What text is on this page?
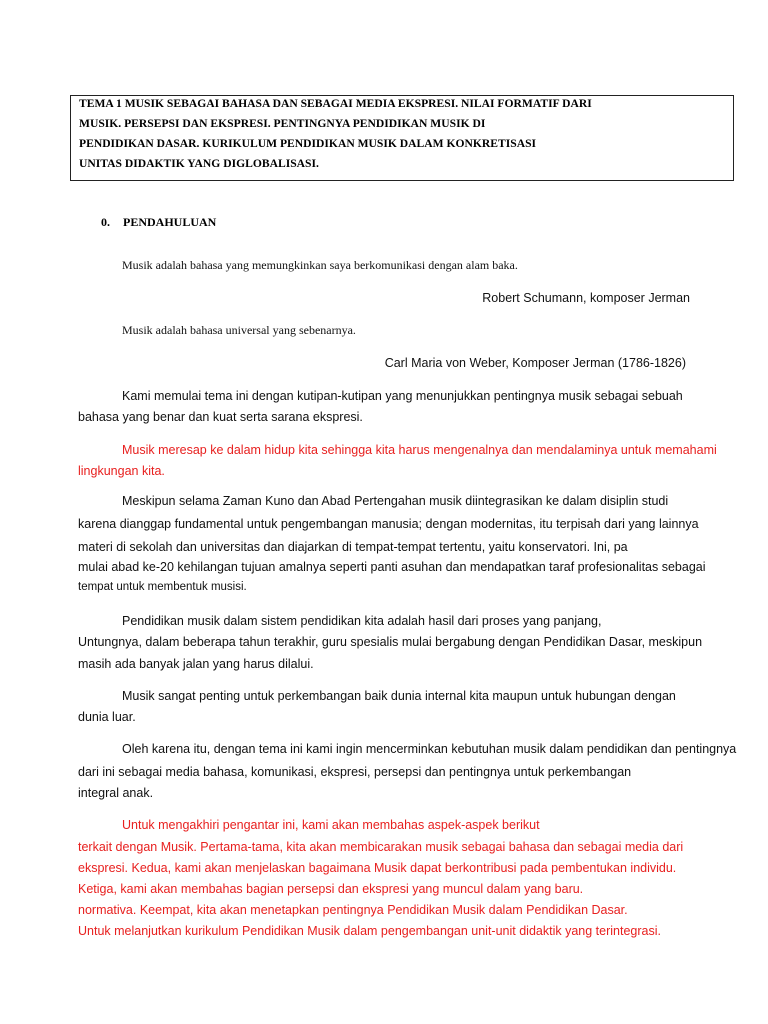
TEMA 1 MUSIK SEBAGAI BAHASA DAN SEBAGAI MEDIA EKSPRESI. NILAI FORMATIF DARI
MUSIK. PERSEPSI DAN EKSPRESI. PENTINGNYA PENDIDIKAN MUSIK DI
PENDIDIKAN DASAR. KURIKULUM PENDIDIKAN MUSIK DALAM KONKRETISASI
UNITAS DIDAKTIK YANG DIGLOBALISASI.
0. PENDAHULUAN
Musik adalah bahasa yang memungkinkan saya berkomunikasi dengan alam baka.
Robert Schumann, komposer Jerman
Musik adalah bahasa universal yang sebenarnya.
Carl Maria von Weber, Komposer Jerman (1786-1826)
Kami memulai tema ini dengan kutipan-kutipan yang menunjukkan pentingnya musik sebagai sebuah
bahasa yang benar dan kuat serta sarana ekspresi.
Musik meresap ke dalam hidup kita sehingga kita harus mengenalnya dan mendalaminya untuk memahami
lingkungan kita.
Meskipun selama Zaman Kuno dan Abad Pertengahan musik diintegrasikan ke dalam disiplin studi
karena dianggap fundamental untuk pengembangan manusia; dengan modernitas, itu terpisah dari yang lainnya
materi di sekolah dan universitas dan diajarkan di tempat-tempat tertentu, yaitu konservatori. Ini, pa
mulai abad ke-20 kehilangan tujuan amalnya seperti panti asuhan dan mendapatkan taraf profesionalitas sebagai
tempat untuk membentuk musisi.
Pendidikan musik dalam sistem pendidikan kita adalah hasil dari proses yang panjang,
Untungnya, dalam beberapa tahun terakhir, guru spesialis mulai bergabung dengan Pendidikan Dasar, meskipun
masih ada banyak jalan yang harus dilalui.
Musik sangat penting untuk perkembangan baik dunia internal kita maupun untuk hubungan dengan
dunia luar.
Oleh karena itu, dengan tema ini kami ingin mencerminkan kebutuhan musik dalam pendidikan dan pentingnya
dari ini sebagai media bahasa, komunikasi, ekspresi, persepsi dan pentingnya untuk perkembangan
integral anak.
Untuk mengakhiri pengantar ini, kami akan membahas aspek-aspek berikut
terkait dengan Musik. Pertama-tama, kita akan membicarakan musik sebagai bahasa dan sebagai media dari
ekspresi. Kedua, kami akan menjelaskan bagaimana Musik dapat berkontribusi pada pembentukan individu.
Ketiga, kami akan membahas bagian persepsi dan ekspresi yang muncul dalam yang baru.
normativa. Keempat, kita akan menetapkan pentingnya Pendidikan Musik dalam Pendidikan Dasar.
Untuk melanjutkan kurikulum Pendidikan Musik dalam pengembangan unit-unit didaktik yang terintegrasi.
